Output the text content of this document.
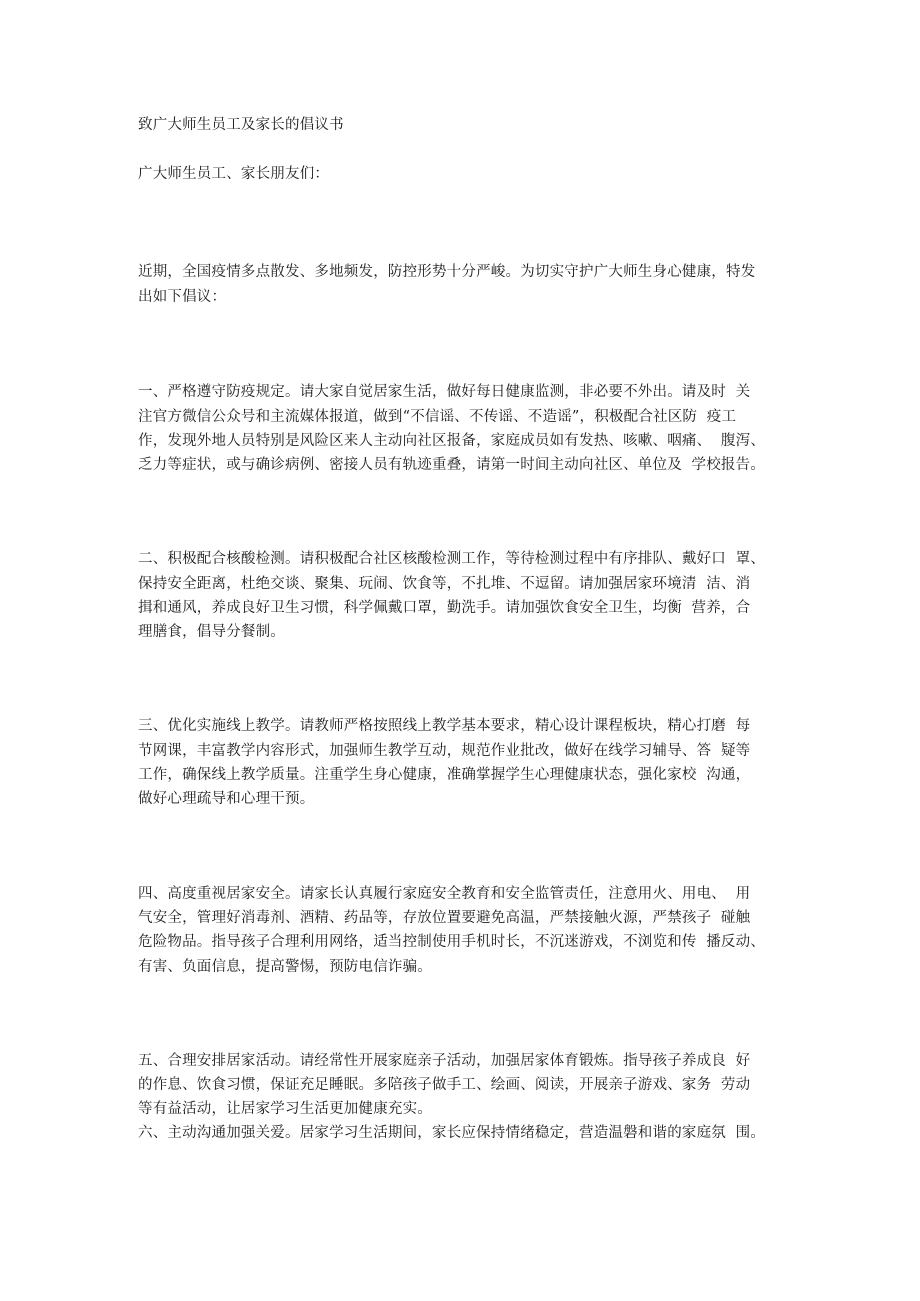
致广大师生员工及家长的倡议书
广大师生员工、家长朋友们：
近期，全国疫情多点散发、多地频发，防控形势十分严峻。为切实守护广大师生身心健康，特发
出如下倡议：
一、严格遵守防疫规定。请大家自觉居家生活，做好每日健康监测，非必要不外出。请及时  关
注官方微信公众号和主流媒体报道，做到“不信谣、不传谣、不造谣”，积极配合社区防  疫工
作，发现外地人员特别是风险区来人主动向社区报备，家庭成员如有发热、咳嗽、咽痛、  腹泻、
乏力等症状，或与确诊病例、密接人员有轨迹重叠，请第一时间主动向社区、单位及  学校报告。
二、积极配合核酸检测。请积极配合社区核酸检测工作，等待检测过程中有序排队、戴好口  罩、
保持安全距离，杜绝交谈、聚集、玩闹、饮食等，不扎堆、不逗留。请加强居家环境清  洁、消
揖和通风，养成良好卫生习惯，科学佩戴口罩，勤洗手。请加强饮食安全卫生，均衡  营养，合
理膳食，倡导分餐制。
三、优化实施线上教学。请教师严格按照线上教学基本要求，精心设计课程板块，精心打磨  每
节网课，丰富教学内容形式，加强师生教学互动，规范作业批改，做好在线学习辅导、答  疑等
工作，确保线上教学质量。注重学生身心健康，准确掌握学生心理健康状态，强化家校  沟通，
做好心理疏导和心理干预。
四、高度重视居家安全。请家长认真履行家庭安全教育和安全监管责任，注意用火、用电、  用
气安全，管理好消毒剂、酒精、药品等，存放位置要避免高温，严禁接触火源，严禁孩子  碰触
危险物品。指导孩子合理利用网络，适当控制使用手机时长，不沉迷游戏，不浏览和传  播反动、
有害、负面信息，提高警惕，预防电信诈骗。
五、合理安排居家活动。请经常性开展家庭亲子活动，加强居家体育锻炼。指导孩子养成良  好
的作息、饮食习惯，保证充足睡眠。多陪孩子做手工、绘画、阅读，开展亲子游戏、家务  劳动
等有益活动，让居家学习生活更加健康充实。
六、主动沟通加强关爱。居家学习生活期间，家长应保持情绪稳定，营造温磐和谐的家庭氛  围。
